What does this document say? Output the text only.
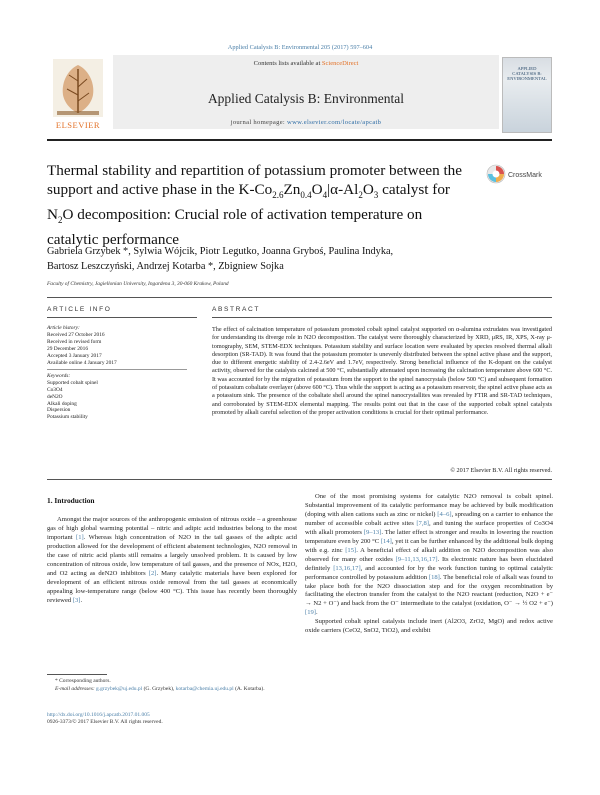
Applied Catalysis B: Environmental 205 (2017) 597–604
ELSEVIER
Contents lists available at ScienceDirect
Applied Catalysis B: Environmental
journal homepage: www.elsevier.com/locate/apcatb
APPLIED CATALYSIS B: ENVIRONMENTAL
Thermal stability and repartition of potassium promoter between the support and active phase in the $K-Co_{2.6}Zn_{0.4}O_4|\alpha-Al_2O_3$ catalyst for $N_2O$ decomposition: Crucial role of activation temperature on catalytic performance
CrossMark
Gabriela Grzybek *, Sylwia Wójcik, Piotr Legutko, Joanna Gryboś, Paulina Indyka,
Bartosz Leszczyński, Andrzej Kotarba *, Zbigniew Sojka
Faculty of Chemistry, Jagiellonian University, Ingardena 3, 30-060 Krakow, Poland
ARTICLE INFO	ABSTRACT
Article history:
Received 27 October 2016
Received in revised form
29 December 2016
Accepted 3 January 2017
Available online 4 January 2017
Keywords:
Supported cobalt spinel
Co3O4
deN2O
Alkali doping
Dispersion
Potassium stability
The effect of calcination temperature of potassium promoted cobalt spinel catalyst supported on α-alumina extrudates was investigated for understanding its diverge role in N2O decomposition. The catalyst were thoroughly characterized by XRD, μRS, IR, XPS, X-ray μ-tomography, SEM, STEM-EDX techniques. Potassium stability and surface location were evaluated by species resolved thermal alkali desorption (SR-TAD). It was found that the potassium promoter is unevenly distributed between the spinel active phase and the support, due to different energetic stability of 2.4-2.6eV and 1.7eV, respectively. Strong beneficial influence of the K-dopant on the catalyst activity, observed for the catalysts calcined at 500 °C, substantially attenuated upon increasing the calcination temperature above 600 °C. It was accounted for by the migration of potassium from the support to the spinel nanocrystals (below 500 °C) and subsequent formation of potassium cobaltate overlayer (above 600 °C). Thus while the support is acting as a potassium reservoir, the spinel active phase acts as a potassium sink. The presence of the cobaltate shell around the spinel nanocrystallites was revealed by FTIR and SR-TAD techniques, and corroborated by STEM-EDX elemental mapping. The results point out that in the case of the supported cobalt spinel catalysts promoted by alkali careful selection of the proper activation conditions is crucial for their optimal performance.
© 2017 Elsevier B.V. All rights reserved.
1. Introduction

Amongst the major sources of the anthropogenic emission of nitrous oxide – a greenhouse gas of high global warming potential – nitric and adipic acid industries belong to the most important [1]. Whereas high concentration of N2O in the tail gasses of the adipic acid production allowed for the development of efficient abatement technologies, N2O removal in the case of nitric acid plants still remains a largely unsolved problem. It is caused by low concentration of nitrous oxide, low temperature of tail gasses, and the presence of NOx, H2O, and O2 acting as deN2O inhibitors [2]. Many catalytic materials have been explored for development of an efficient nitrous oxide removal from the tail gasses at economically appealing low-temperature range (below 400 °C). This issue has recently been thoroughly reviewed [3].

One of the most promising systems for catalytic N2O removal is cobalt spinel. Substantial improvement of its catalytic performance may be achieved by bulk modification (doping with alien cations such as zinc or nickel) [4–6], spreading on a carrier to enhance the number of accessible cobalt active sites [7,8], and tuning the surface properties of Co3O4 with alkali promoters [9–13]. The latter effect is stronger and results in lowering the reaction temperature even by 200 °C [14], yet it can be further enhanced by the additional bulk doping with e.g. zinc [15]. A beneficial effect of alkali addition on N2O decomposition was also observed for many other oxides [9–11,13,16,17]. Its electronic nature has been elucidated definitely [13,16,17], and accounted for by the work function tuning to optimal catalytic performance controlled by potassium addition [18]. The beneficial role of alkali was found to take place both for the N2O dissociation step and for the oxygen recombination by facilitating the electron transfer from the catalyst to the N2O reactant (reduction, N2O + e⁻ → N2 + O⁻) and back from the O⁻ intermediate to the catalyst (oxidation, O⁻ → ½ O2 + e⁻) [19].

Supported cobalt spinel catalysts include inert (Al2O3, ZrO2, MgO) and redox active oxide carriers (CeO2, SnO2, TiO2), and exhibit

* Corresponding authors.
E-mail addresses: g.grzybek@uj.edu.pl (G. Grzybek), kotarba@chemia.uj.edu.pl (A. Kotarba).
http://dx.doi.org/10.1016/j.apcatb.2017.01.005
0926-3373/© 2017 Elsevier B.V. All rights reserved.
